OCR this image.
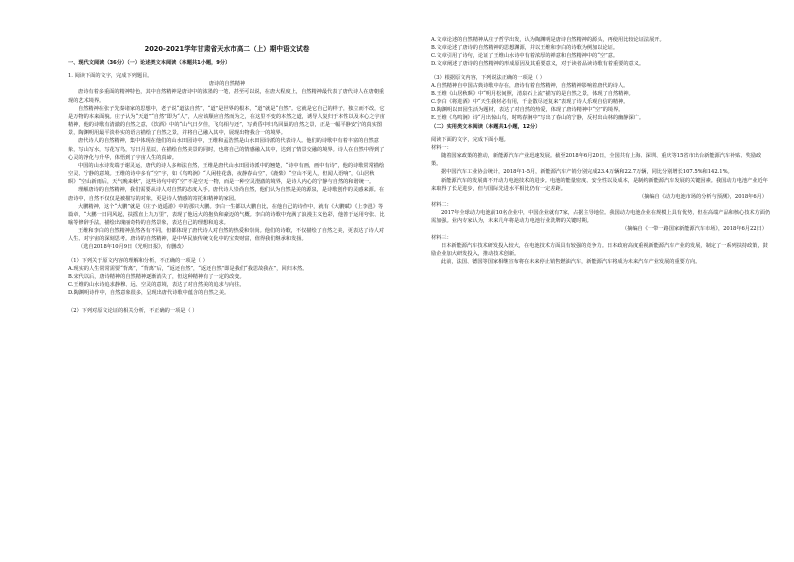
2020-2021学年甘肃省天水市高二（上）期中语文试卷

一、现代文阅读（36分）（一）论述类文本阅读（本题共1小题，9分）

1. 阅读下面的文字，完成下列题目。

唐诗的自然精神

唐诗有着多重面的精神特色，其中自然精神是唐诗中的浓墨的一笔，甚至可以说，在唐大程度上，自然精神最代表了唐代诗人在唐朝重现的艺术境界。

自然精神在张子先秦诸家的思想中，老子说“道法自然”，“道”是世界的根本，“道”就是“自然”。它就是它自己的样子，独立而不改，它是万物的本来面貌。庄子认为“天道”“自然”即为“人”，人应该顺应自然而为之，在这里不变的本然之道，诱导人复归于本性以及本心之宇宙精神，他的诗歌有清澈的自然之意，《饮酒》中的“山气日夕佳，飞鸟相与还”，写黄昏中归鸟回巢的自然之景，正是一幅平静安宁的真实图景，陶渊明用最平淡朴实的语言描绘了自然之景，并将自己融入其中，展现出物我合一的境界。

唐代诗人的自然精神，集中体现在他们的山水田园诗中，王维和孟浩然是山水田园诗派的代表诗人。他们的诗歌中有着丰富的自然意象，写山写水，写花写鸟，写日月星辰，在描绘自然美景的同时，也将自己的情感融入其中，达到了情景交融的境界。诗人在自然中得到了心灵的净化与升华，体悟到了宇宙人生的真谛。

中国的山水诗发端于谢灵运，唐代的诗人多师法自然，王维是唐代山水田园诗派中的翘楚，“诗中有画，画中有诗”，他的诗歌常常描绘空灵、宁静的意境。王维的诗中多有“空”字，如《鸟鸣涧》“人闲桂花落，夜静春山空”，《鹿柴》“空山不见人，但闻人语响”，《山居秋暝》“空山新雨后，天气晚来秋”，这些诗句中的“空”不是空无一物，而是一种空灵澄澈的境界，是诗人内心的宁静与自然的和谐统一。

理解唐诗的自然精神，我们需要从诗人对自然的态度入手。唐代诗人崇尚自然，他们认为自然是美的源泉，是诗歌创作的灵感来源。在唐诗中，自然不仅仅是被描写的对象，更是诗人情感的寄托和精神的家园。

大鹏精神，这个“大鹏”就是《庄子·逍遥游》中的那只大鹏。李白一生都以大鹏自比，在他自己的诗作中，就有《大鹏赋》《上李邕》等篇章，“大鹏一日同风起，扶摇直上九万里”，表现了他远大的抱负和豪迈的气概。李白的诗歌中充满了浪漫主义色彩，他善于运用夸张、比喻等修辞手法，描绘出瑰丽奇特的自然景象，表达自己的理想和追求。

王维和李白的自然精神虽然各有不同，但都体现了唐代诗人对自然的热爱和崇尚。他们的诗歌，不仅描绘了自然之美，更表达了诗人对人生、对宇宙的深刻思考。唐诗的自然精神，是中华民族传统文化中的宝贵财富，值得我们继承和发扬。

（选自2018年10月9日《光明日报》，有删改）

（1）下列关于原文内容的理解和分析，不正确的一项是（ ）

A.现实的人生常常需要“背离”，“背离”后，“返还自然”，“返还自然”即是我们“我思故我在”，回归本然。

B.宋代以后，唐诗精神的自然精神逐渐消失了，但这种精神有了一定的改变。

C.王维的山水诗追求静穆、远、空灵的意境，表达了对自然美的追求与向往。

D.陶渊明诗作中，自然意象很多，呈现出唐代诗歌中蕴含的自然之美。

（2）下列对原文论证的相关分析，不正确的一项是（ ）

A.文章论述的自然精神从庄子哲学出发，认为陶渊明是唐诗自然精神的源头，再使用比较论证法展开。

B.文章论述了唐诗的自然精神的思想渊源，并以王维和李白的诗歌为例加以论证。

C.文章引用了诗句，论证了王维山水诗中有着浓厚的禅意和自然精神中的“空”意。

D.文章阐述了唐诗的自然精神的形成原因及其重要意义，对于读者品读诗歌有着重要的意义。

（3）根据原文内容，下列说法正确的一项是（ ）

A.自然精神自中国古典诗歌中存在，唐诗有着自然精神，自然精神影响着唐代的诗人。

B.王维《山居秋暝》中“明月松间照，清泉石上流”描写的是自然之景，体现了自然精神。

C.李白《将进酒》中“天生我材必有用，千金散尽还复来”表现了诗人乐观自信的精神。

D.陶渊明以田园生活为题材，表达了对自然的热爱，体现了唐诗精神中“空”的境界。

E.王维《鸟鸣涧》诗“月出惊山鸟，时鸣春涧中”写出了春山的宁静，反衬出山林的幽静深广。

（二）实用类文本阅读（本题共1小题，12分）

阅读下面的文字，完成下面小题。

材料一：

随着国家政策的推动，新能源汽车产业迅速发展。截至2018年6月20日，全国共有上海、深圳、重庆等15省市出台新能源汽车补贴、奖励政策。

据中国汽车工业协会统计，2018年1-5月，新能源汽车产销分别完成23.4万辆和22.7万辆，同比分别增长107.5%和142.1%。

新能源汽车的发展离不开动力电池技术的进步。电池的能量密度、安全性以及成本，是制约新能源汽车发展的关键因素。我国动力电池产业近年来取得了长足进步，但与国际先进水平相比仍有一定差距。

（摘编自《动力电池市场的分析与预测》，2018年6月）

材料二：

2017年全球动力电池前10名企业中，中国企业就有7家，占据主导地位。我国动力电池企业在规模上具有优势，但在高端产品和核心技术方面仍需加强。业内专家认为，未来几年将是动力电池行业洗牌的关键时期。

（摘编自《一带一路国家新能源汽车市场》，2018年6月22日）

材料三：

日本新能源汽车技术研发投入较大，在电池技术方面具有较强的竞争力。日本政府高度重视新能源汽车产业的发展，制定了一系列扶持政策，鼓励企业加大研发投入，推动技术创新。

此前，法国、德国等国家相继宣布将在未来停止销售燃油汽车，新能源汽车将成为未来汽车产业发展的重要方向。
